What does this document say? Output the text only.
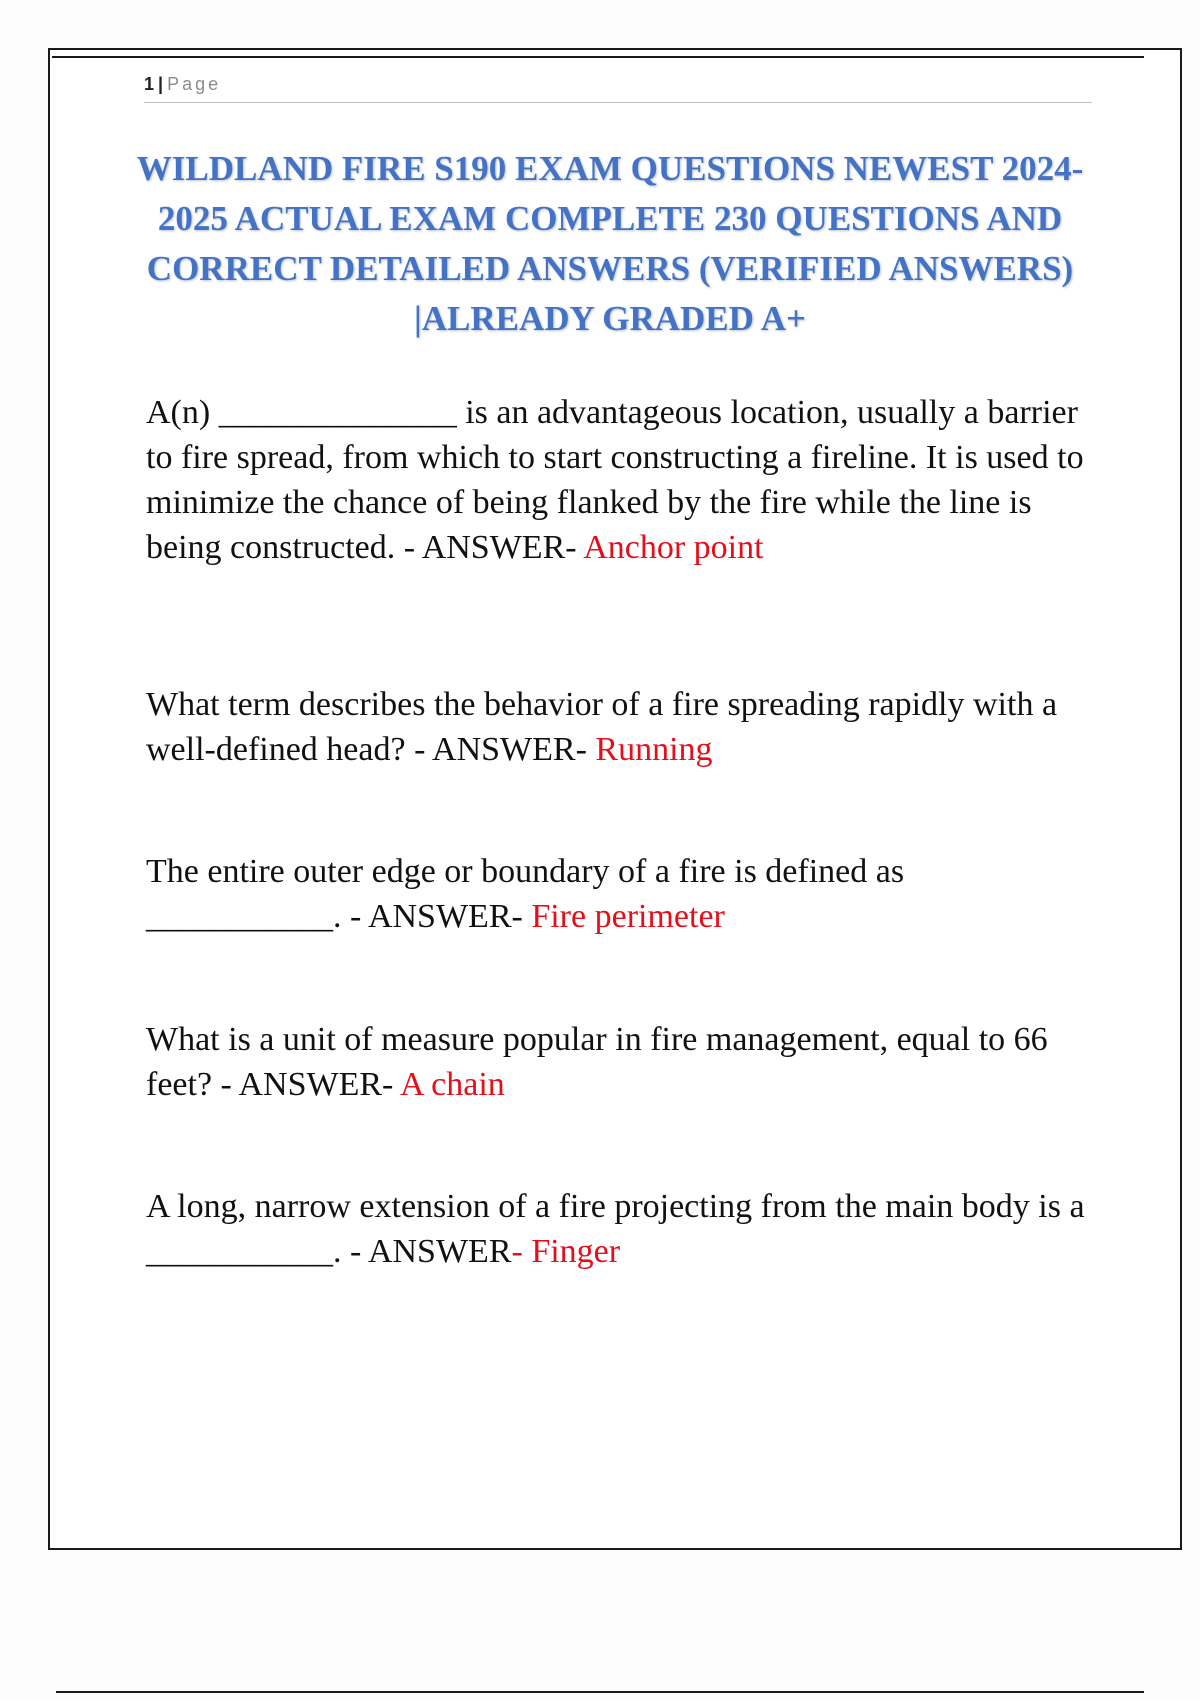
1 | Page
WILDLAND FIRE S190 EXAM QUESTIONS NEWEST 2024-2025 ACTUAL EXAM COMPLETE 230 QUESTIONS AND CORRECT DETAILED ANSWERS (VERIFIED ANSWERS) |ALREADY GRADED A+

A(n) ______________ is an advantageous location, usually a barrier to fire spread, from which to start constructing a fireline. It is used to minimize the chance of being flanked by the fire while the line is being constructed. - ANSWER- Anchor point

What term describes the behavior of a fire spreading rapidly with a well-defined head? - ANSWER- Running

The entire outer edge or boundary of a fire is defined as ___________. - ANSWER- Fire perimeter

What is a unit of measure popular in fire management, equal to 66 feet? - ANSWER- A chain

A long, narrow extension of a fire projecting from the main body is a ___________. - ANSWER- Finger
